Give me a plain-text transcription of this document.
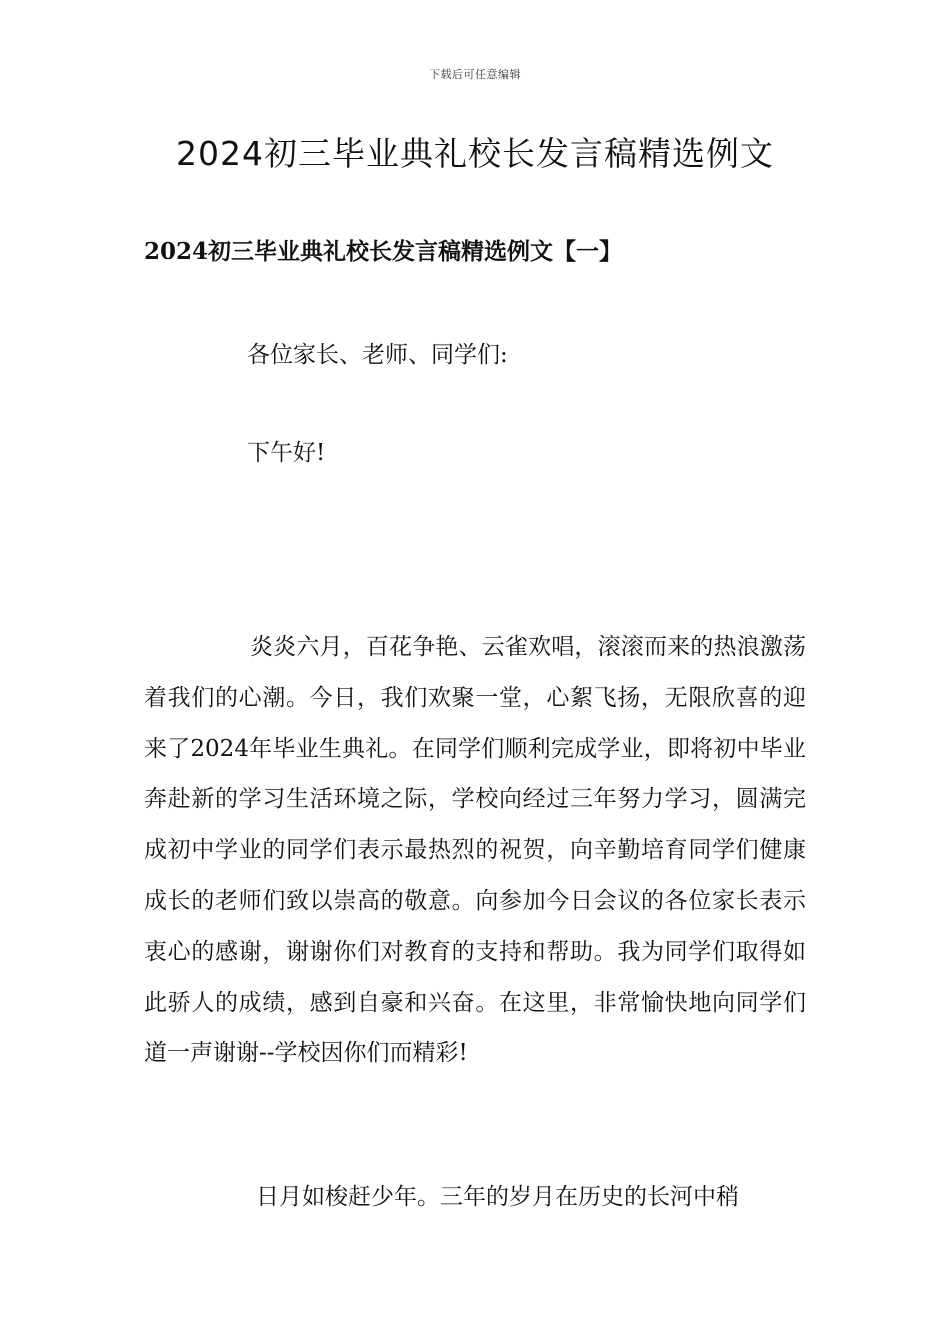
下载后可任意编辑
2024初三毕业典礼校长发言稿精选例文
2024初三毕业典礼校长发言稿精选例文【一】
各位家长、老师、同学们:
下午好!

炎炎六月，百花争艳、云雀欢唱，滚滚而来的热浪激荡着我们的心潮。今日，我们欢聚一堂，心絮飞扬，无限欣喜的迎来了2024年毕业生典礼。在同学们顺利完成学业，即将初中毕业奔赴新的学习生活环境之际，学校向经过三年努力学习，圆满完成初中学业的同学们表示最热烈的祝贺，向辛勤培育同学们健康成长的老师们致以崇高的敬意。向参加今日会议的各位家长表示衷心的感谢，谢谢你们对教育的支持和帮助。我为同学们取得如此骄人的成绩，感到自豪和兴奋。在这里，非常愉快地向同学们道一声谢谢--学校因你们而精彩!

日月如梭赶少年。三年的岁月在历史的长河中稍
